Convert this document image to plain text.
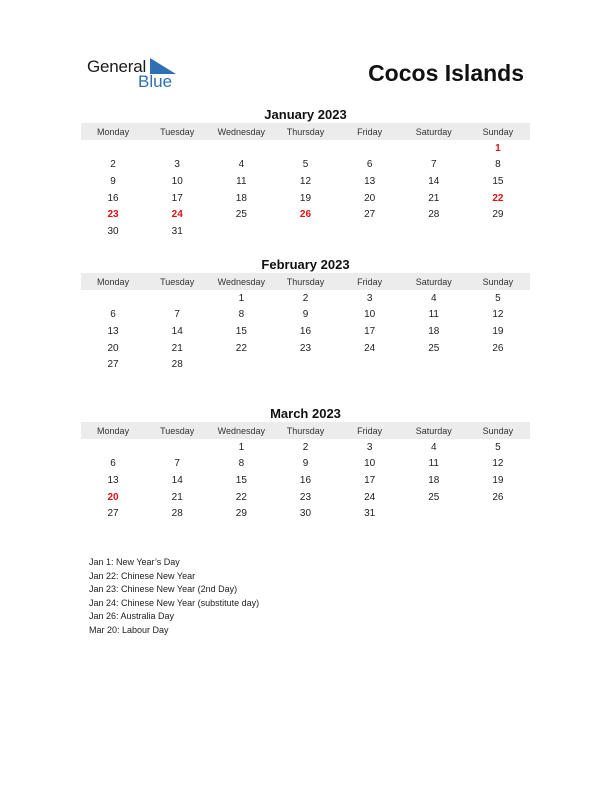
General
Blue	Cocos Islands
January 2023
Monday	Tuesday	Wednesday	Thursday	Friday	Saturday	Sunday
						1
2	3	4	5	6	7	8
9	10	11	12	13	14	15
16	17	18	19	20	21	22
23	24	25	26	27	28	29
30	31					
February 2023
Monday	Tuesday	Wednesday	Thursday	Friday	Saturday	Sunday
		1	2	3	4	5
6	7	8	9	10	11	12
13	14	15	16	17	18	19
20	21	22	23	24	25	26
27	28					
March 2023
Monday	Tuesday	Wednesday	Thursday	Friday	Saturday	Sunday
		1	2	3	4	5
6	7	8	9	10	11	12
13	14	15	16	17	18	19
20	21	22	23	24	25	26
27	28	29	30	31		
Jan 1: New Year’s Day
Jan 22: Chinese New Year
Jan 23: Chinese New Year (2nd Day)
Jan 24: Chinese New Year (substitute day)
Jan 26: Australia Day
Mar 20: Labour Day
